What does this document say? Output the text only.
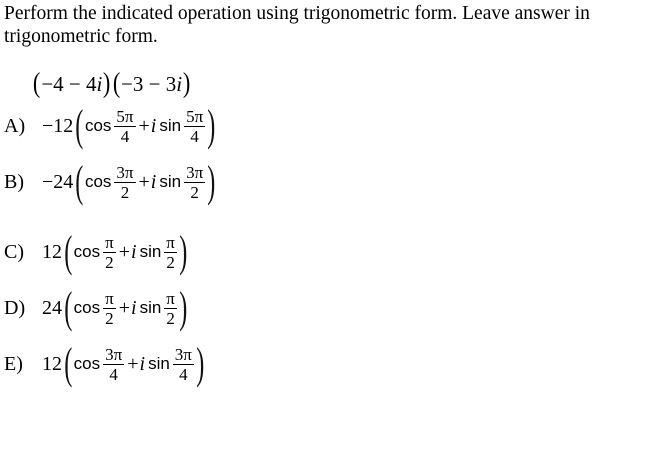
Perform the indicated operation using trigonometric form. Leave answer in trigonometric form.
( −4 − 4 i ) ( −3 − 3 i )
A) −12 ( $\cos \frac{5\pi}{4} + i$ $\sin \frac{5\pi}{4}$ )
B) −24 ( $\cos \frac{3\pi}{2} + i$ $\sin \frac{3\pi}{2}$ )
C) 12 ( $\cos \frac{\pi}{2} + i$ $\sin \frac{\pi}{2}$ )
D) 24 ( $\cos \frac{\pi}{2} + i$ $\sin \frac{\pi}{2}$ )
E) 12 ( $\cos \frac{3\pi}{4} + i$ $\sin \frac{3\pi}{4}$ )
